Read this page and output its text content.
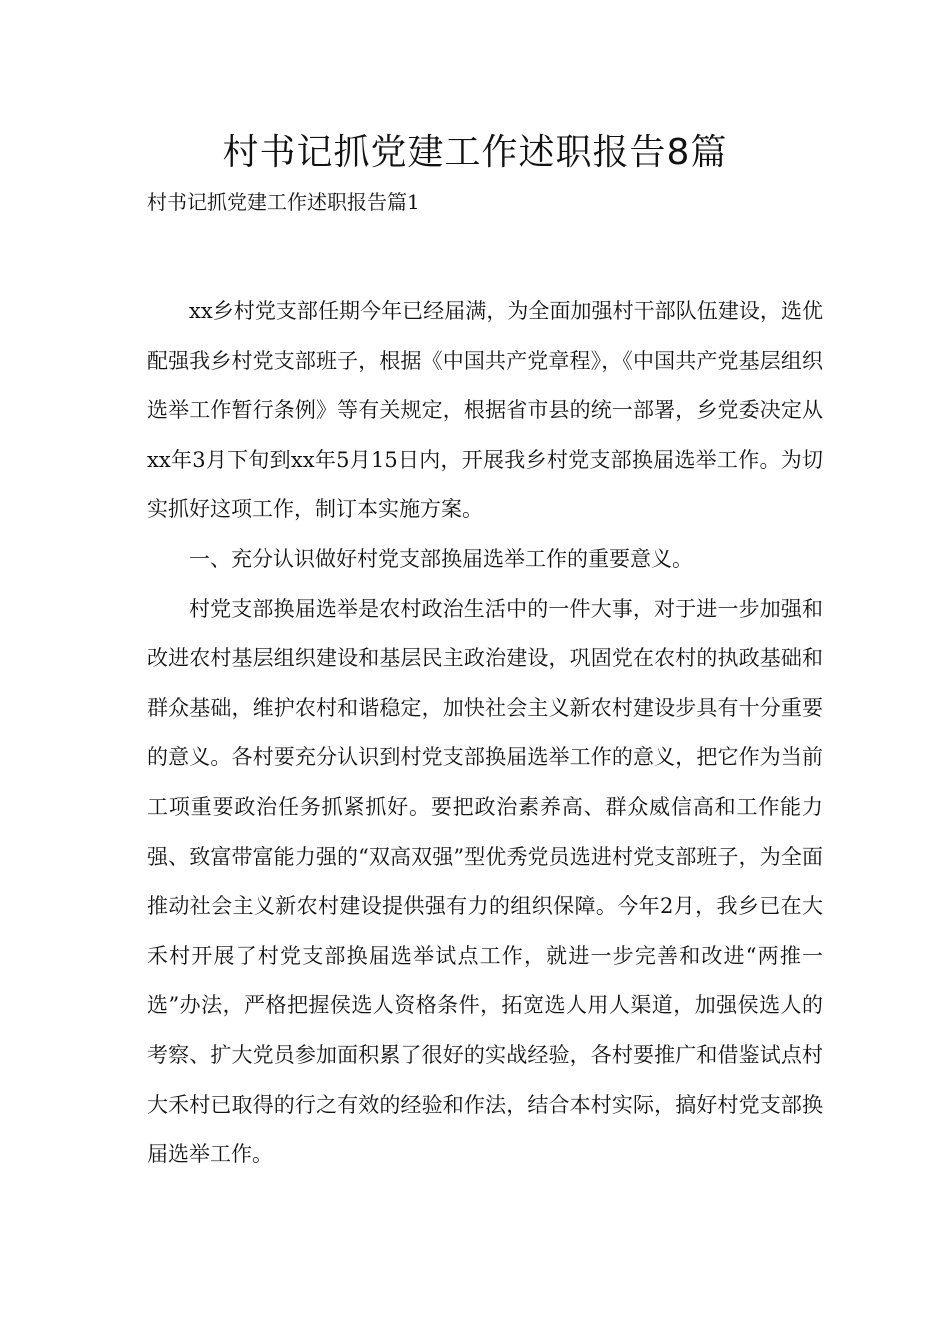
村书记抓党建工作述职报告8篇

村书记抓党建工作述职报告篇1

xx乡村党支部任期今年已经届满，为全面加强村干部队伍建设，选优配强我乡村党支部班子，根据《中国共产党章程》，《中国共产党基层组织选举工作暂行条例》等有关规定，根据省市县的统一部署，乡党委决定从xx年3月下旬到xx年5月15日内，开展我乡村党支部换届选举工作。为切实抓好这项工作，制订本实施方案。

一、充分认识做好村党支部换届选举工作的重要意义。

村党支部换届选举是农村政治生活中的一件大事，对于进一步加强和改进农村基层组织建设和基层民主政治建设，巩固党在农村的执政基础和群众基础，维护农村和谐稳定，加快社会主义新农村建设步具有十分重要的意义。各村要充分认识到村党支部换届选举工作的意义，把它作为当前工项重要政治任务抓紧抓好。要把政治素养高、群众威信高和工作能力强、致富带富能力强的“双高双强”型优秀党员选进村党支部班子，为全面推动社会主义新农村建设提供强有力的组织保障。今年2月，我乡已在大禾村开展了村党支部换届选举试点工作，就进一步完善和改进“两推一选”办法，严格把握侯选人资格条件，拓宽选人用人渠道，加强侯选人的考察、扩大党员参加面积累了很好的实战经验，各村要推广和借鉴试点村大禾村已取得的行之有效的经验和作法，结合本村实际，搞好村党支部换届选举工作。
